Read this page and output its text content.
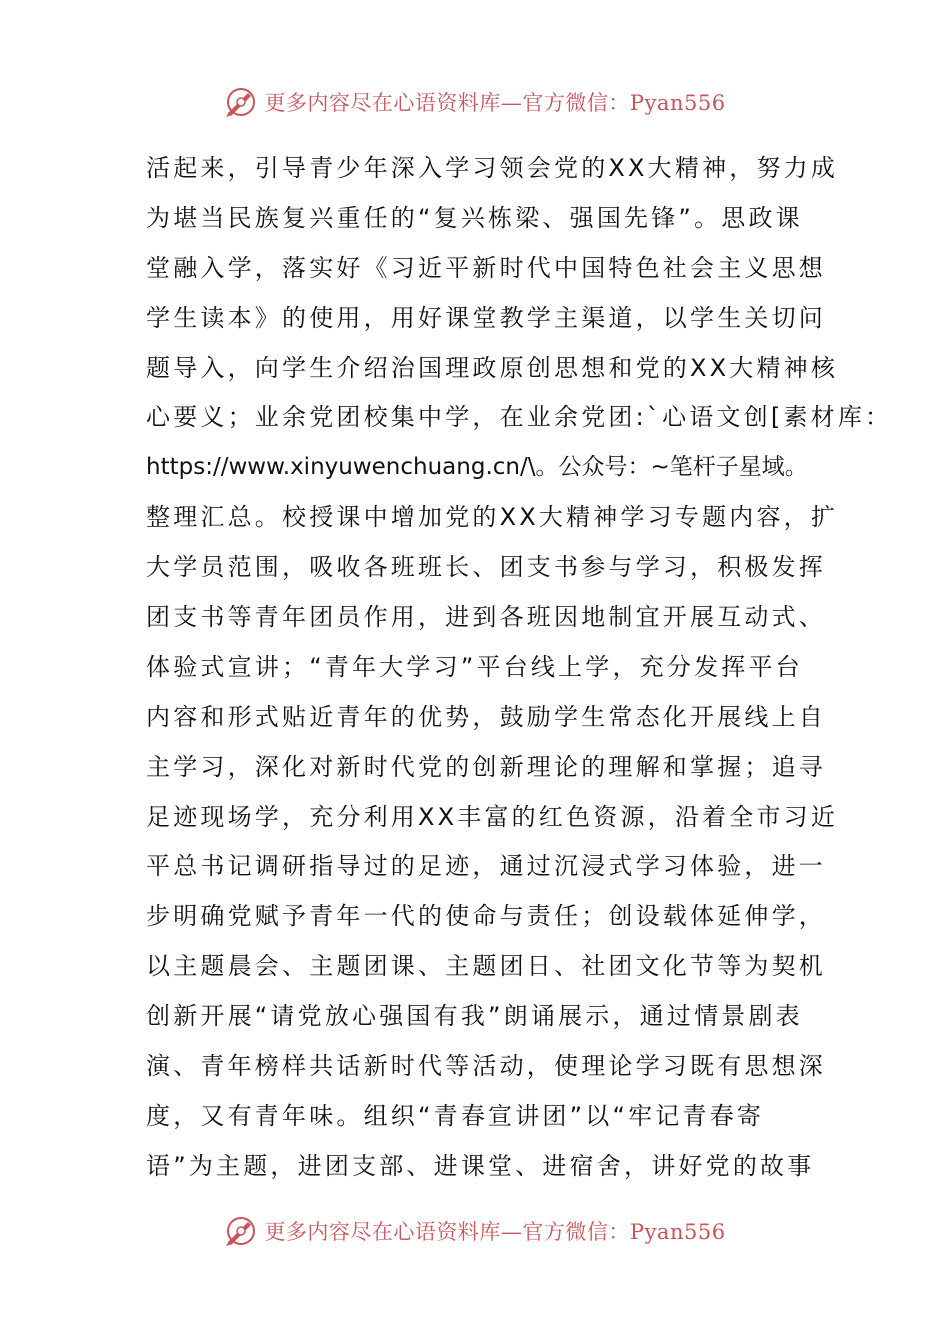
更多内容尽在心语资料库—官方微信：Pyan556
活起来，引导青少年深入学习领会党的XX大精神，努力成
为堪当民族复兴重任的“复兴栋梁、强国先锋”。思政课
堂融入学，落实好《习近平新时代中国特色社会主义思想
学生读本》的使用，用好课堂教学主渠道，以学生关切问
题导入，向学生介绍治国理政原创思想和党的XX大精神核
心要义；业余党团校集中学，在业余党团:`心语文创[素材库：
https://www.xinyuwenchuang.cn/\。公众号：~笔杆子星域。
整理汇总。校授课中增加党的XX大精神学习专题内容，扩
大学员范围，吸收各班班长、团支书参与学习，积极发挥
团支书等青年团员作用，进到各班因地制宜开展互动式、
体验式宣讲；“青年大学习”平台线上学，充分发挥平台
内容和形式贴近青年的优势，鼓励学生常态化开展线上自
主学习，深化对新时代党的创新理论的理解和掌握；追寻
足迹现场学，充分利用XX丰富的红色资源，沿着全市习近
平总书记调研指导过的足迹，通过沉浸式学习体验，进一
步明确党赋予青年一代的使命与责任；创设载体延伸学，
以主题晨会、主题团课、主题团日、社团文化节等为契机
创新开展“请党放心强国有我”朗诵展示，通过情景剧表
演、青年榜样共话新时代等活动，使理论学习既有思想深
度，又有青年味。组织“青春宣讲团”以“牢记青春寄
语”为主题，进团支部、进课堂、进宿舍，讲好党的故事
更多内容尽在心语资料库—官方微信：Pyan556
